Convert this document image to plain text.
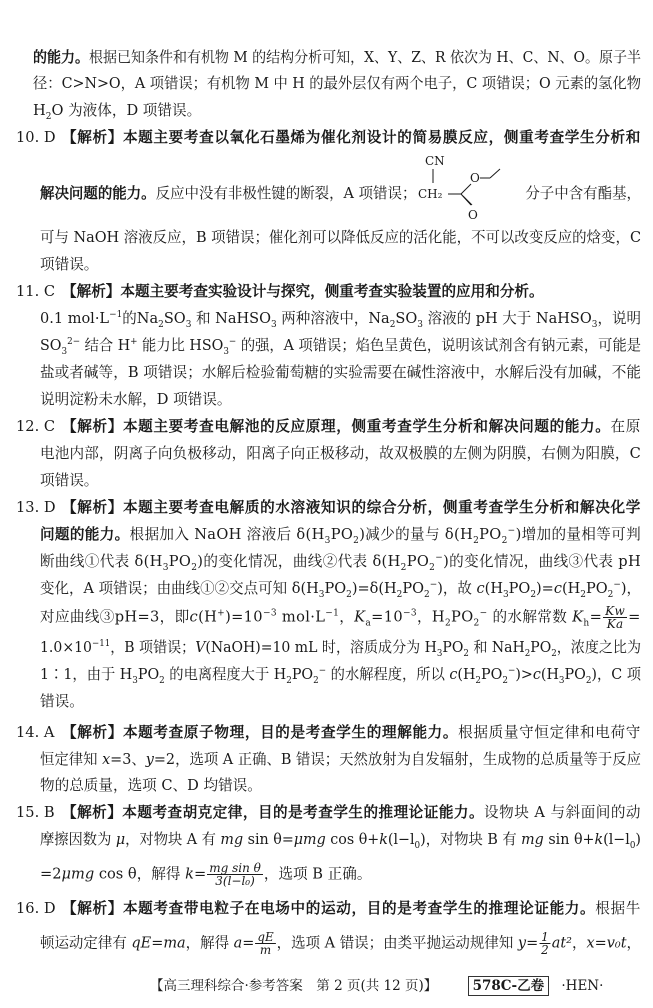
的能力。根据已知条件和有机物 M 的结构分析可知，X、Y、Z、R 依次为 H、C、N、O。原子半
径：C>N>O，A 项错误；有机物 M 中 H 的最外层仅有两个电子，C 项错误；O 元素的氢化物
$H_2O$ 为液体，D 项错误。
10. D 【解析】本题主要考查以氧化石墨烯为催化剂设计的简易膜反应，侧重考查学生分析和
解决问题的能力。反应中没有非极性键的断裂，A 项错误；	分子中含有酯基，
可与 NaOH 溶液反应，B 项错误；催化剂可以降低反应的活化能，不可以改变反应的焓变，C
项错误。
11. C 【解析】本题主要考查实验设计与探究，侧重考查实验装置的应用和分析。
0.1 $mol\cdot L^{-1}$的$Na_2SO_3$ 和 NaHSO$_3$ 两种溶液中，$Na_2SO_3$ 溶液的 pH 大于 NaHSO$_3$，说明
$SO_3^{2-}$ 结合 H+ 能力比 $HSO_3^-$ 的强，A 项错误；焰色呈黄色，说明该试剂含有钠元素，可能是
盐或者碱等，B 项错误；水解后检验葡萄糖的实验需要在碱性溶液中，水解后没有加碱，不能
说明淀粉未水解，D 项错误。
12. C 【解析】本题主要考查电解池的反应原理，侧重考查学生分析和解决问题的能力。在原
电池内部，阴离子向负极移动，阳离子向正极移动，故双极膜的左侧为阴膜，右侧为阳膜，C
项错误。
13. D 【解析】本题主要考查电解质的水溶液知识的综合分析，侧重考查学生分析和解决化学
问题的能力。根据加入 NaOH 溶液后 $\delta(H_3PO_2)$减少的量与 $\delta(H_2PO_2^-)$增加的量相等可判
断曲线①代表 $\delta(H_3PO_2)$的变化情况，曲线②代表 $\delta(H_2PO_2^-)$的变化情况，曲线③代表 pH
变化，A 项错误；由曲线①②交点可知 $\delta(H_3PO_2)=\delta(H_2PO_2^-)$，故 $c(H_3PO_2)=c(H_2PO_2^-)$，
对应曲线③pH=3，即$c(H^+)=10^{-3}$ $mol\cdot L^{-1}$，$K_a=10^{-3}$，$H_2PO_2^-$ 的水解常数 $K_h= \frac{Kw}{Ka}$ =
$1.0\times 10^{-11}$，B 项错误；V(NaOH)=10 mL 时，溶质成分为 $H_3PO_2$ 和 $NaH_2PO_2$，浓度之比为
1∶1，由于 $H_3PO_2$ 的电离程度大于 $H_2PO_2^-$ 的水解程度，所以 $c(H_2PO_2^-)>c(H_3PO_2)$，C 项
错误。
14. A 【解析】本题考查原子物理，目的是考查学生的理解能力。根据质量守恒定律和电荷守
恒定律知 x=3、y=2，选项 A 正确、B 错误；天然放射为自发辐射，生成物的总质量等于反应
物的总质量，选项 C、D 均错误。
15. B 【解析】本题考查胡克定律，目的是考查学生的推理论证能力。设物块 A 与斜面间的动
摩擦因数为 μ，对物块 A 有 mg sin θ=μmg $\cos \theta+k(l-l_0)$，对物块 B 有 mg $\sin \theta+k(l-l_0)$
=2μmg cos θ，解得 $k= \frac{\text{mg sin θ}}{\text{3(l−l₀)}}$ ，选项 B 正确。
16. D 【解析】本题考查带电粒子在电场中的运动，目的是考查学生的推理论证能力。根据牛
顿运动定律有 qE=ma，解得 $a= \frac{qE}{m}$ ，选项 A 错误；由类平抛运动规律知 $y= \frac{1}{2} at^2$，x=v₀t，
【高三理科综合·参考答案　第 2 页(共 12 页)】	578C-乙卷 ·HEN·
CN
CH₂
O
O
